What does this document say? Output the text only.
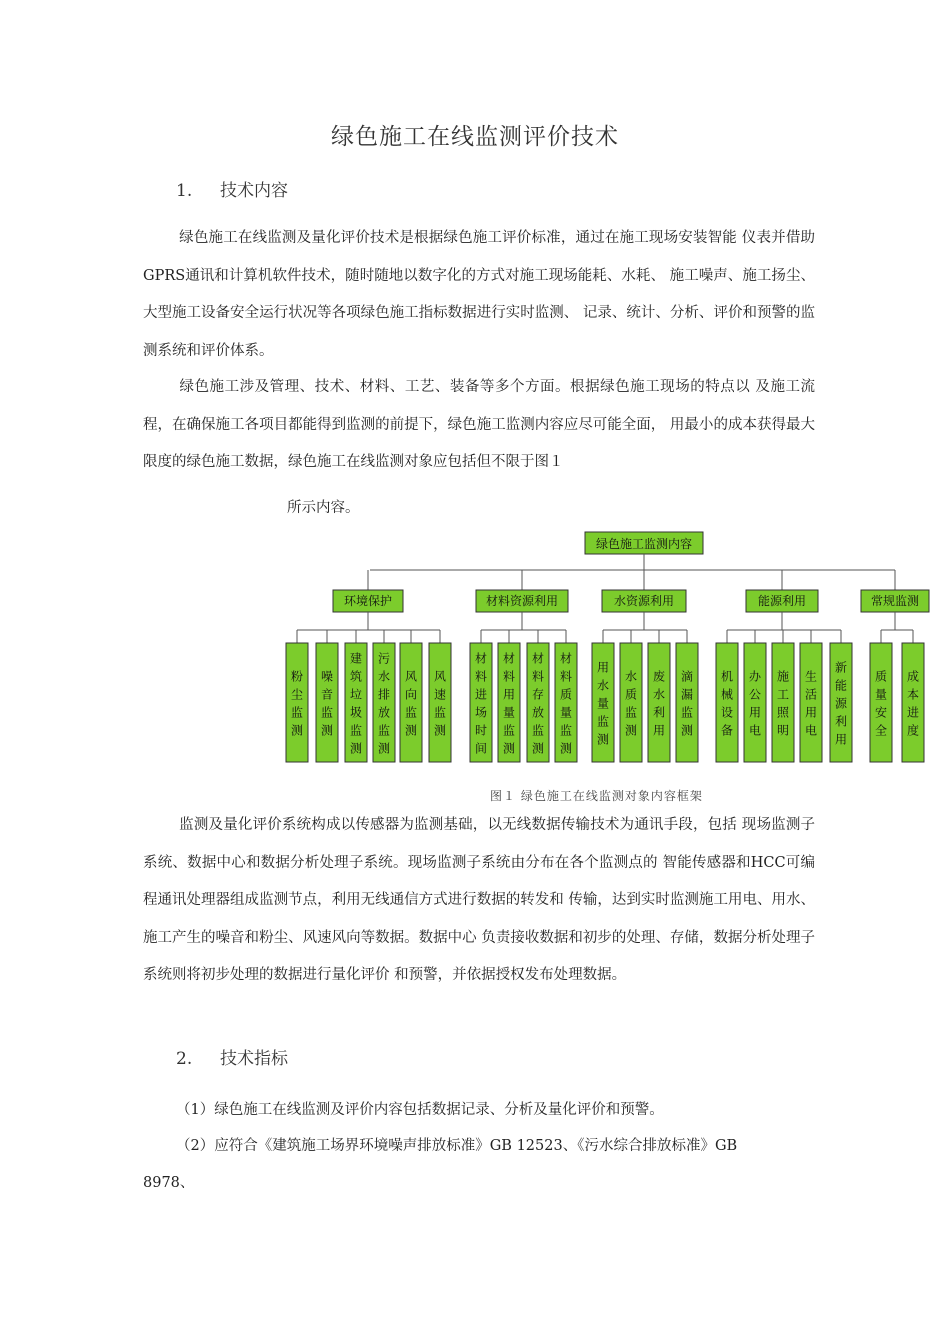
绿色施工在线监测评价技术
1. 技术内容
绿色施工在线监测及量化评价技术是根据绿色施工评价标准，通过在施工现场安装智能 仪表并借助GPRS通讯和计算机软件技术，随时随地以数字化的方式对施工现场能耗、水耗、 施工噪声、施工扬尘、大型施工设备安全运行状况等各项绿色施工指标数据进行实时监测、 记录、统计、分析、评价和预警的监测系统和评价体系。
绿色施工涉及管理、技术、材料、工艺、装备等多个方面。根据绿色施工现场的特点以 及施工流程，在确保施工各项目都能得到监测的前提下，绿色施工监测内容应尽可能全面， 用最小的成本获得最大限度的绿色施工数据，绿色施工在线监测对象应包括但不限于图１
所示内容。
绿色施工监测内容
环境保护
粉尘监测
噪音监测
建筑垃圾监测
污水排放监测
风向监测
风速监测
材料资源利用
材料进场时间
材料用量监测
材料存放监测
材料质量监测
水资源利用
用水量监测
水质监测
废水利用
滴漏监测
能源利用
机械设备
办公用电
施工照明
生活用电
新能源利用
常规监测
质量安全
成本进度
图１ 绿色施工在线监测对象内容框架
监测及量化评价系统构成以传感器为监测基础，以无线数据传输技术为通讯手段，包括 现场监测子系统、数据中心和数据分析处理子系统。现场监测子系统由分布在各个监测点的 智能传感器和HCC可编程通讯处理器组成监测节点，利用无线通信方式进行数据的转发和 传输，达到实时监测施工用电、用水、施工产生的噪音和粉尘、风速风向等数据。数据中心 负责接收数据和初步的处理、存储，数据分析处理子系统则将初步处理的数据进行量化评价 和预警，并依据授权发布处理数据。
2. 技术指标
（1）绿色施工在线监测及评价内容包括数据记录、分析及量化评价和预警。
（2）应符合《建筑施工场界环境噪声排放标准》GB 12523、《污水综合排放标准》GB
8978、
